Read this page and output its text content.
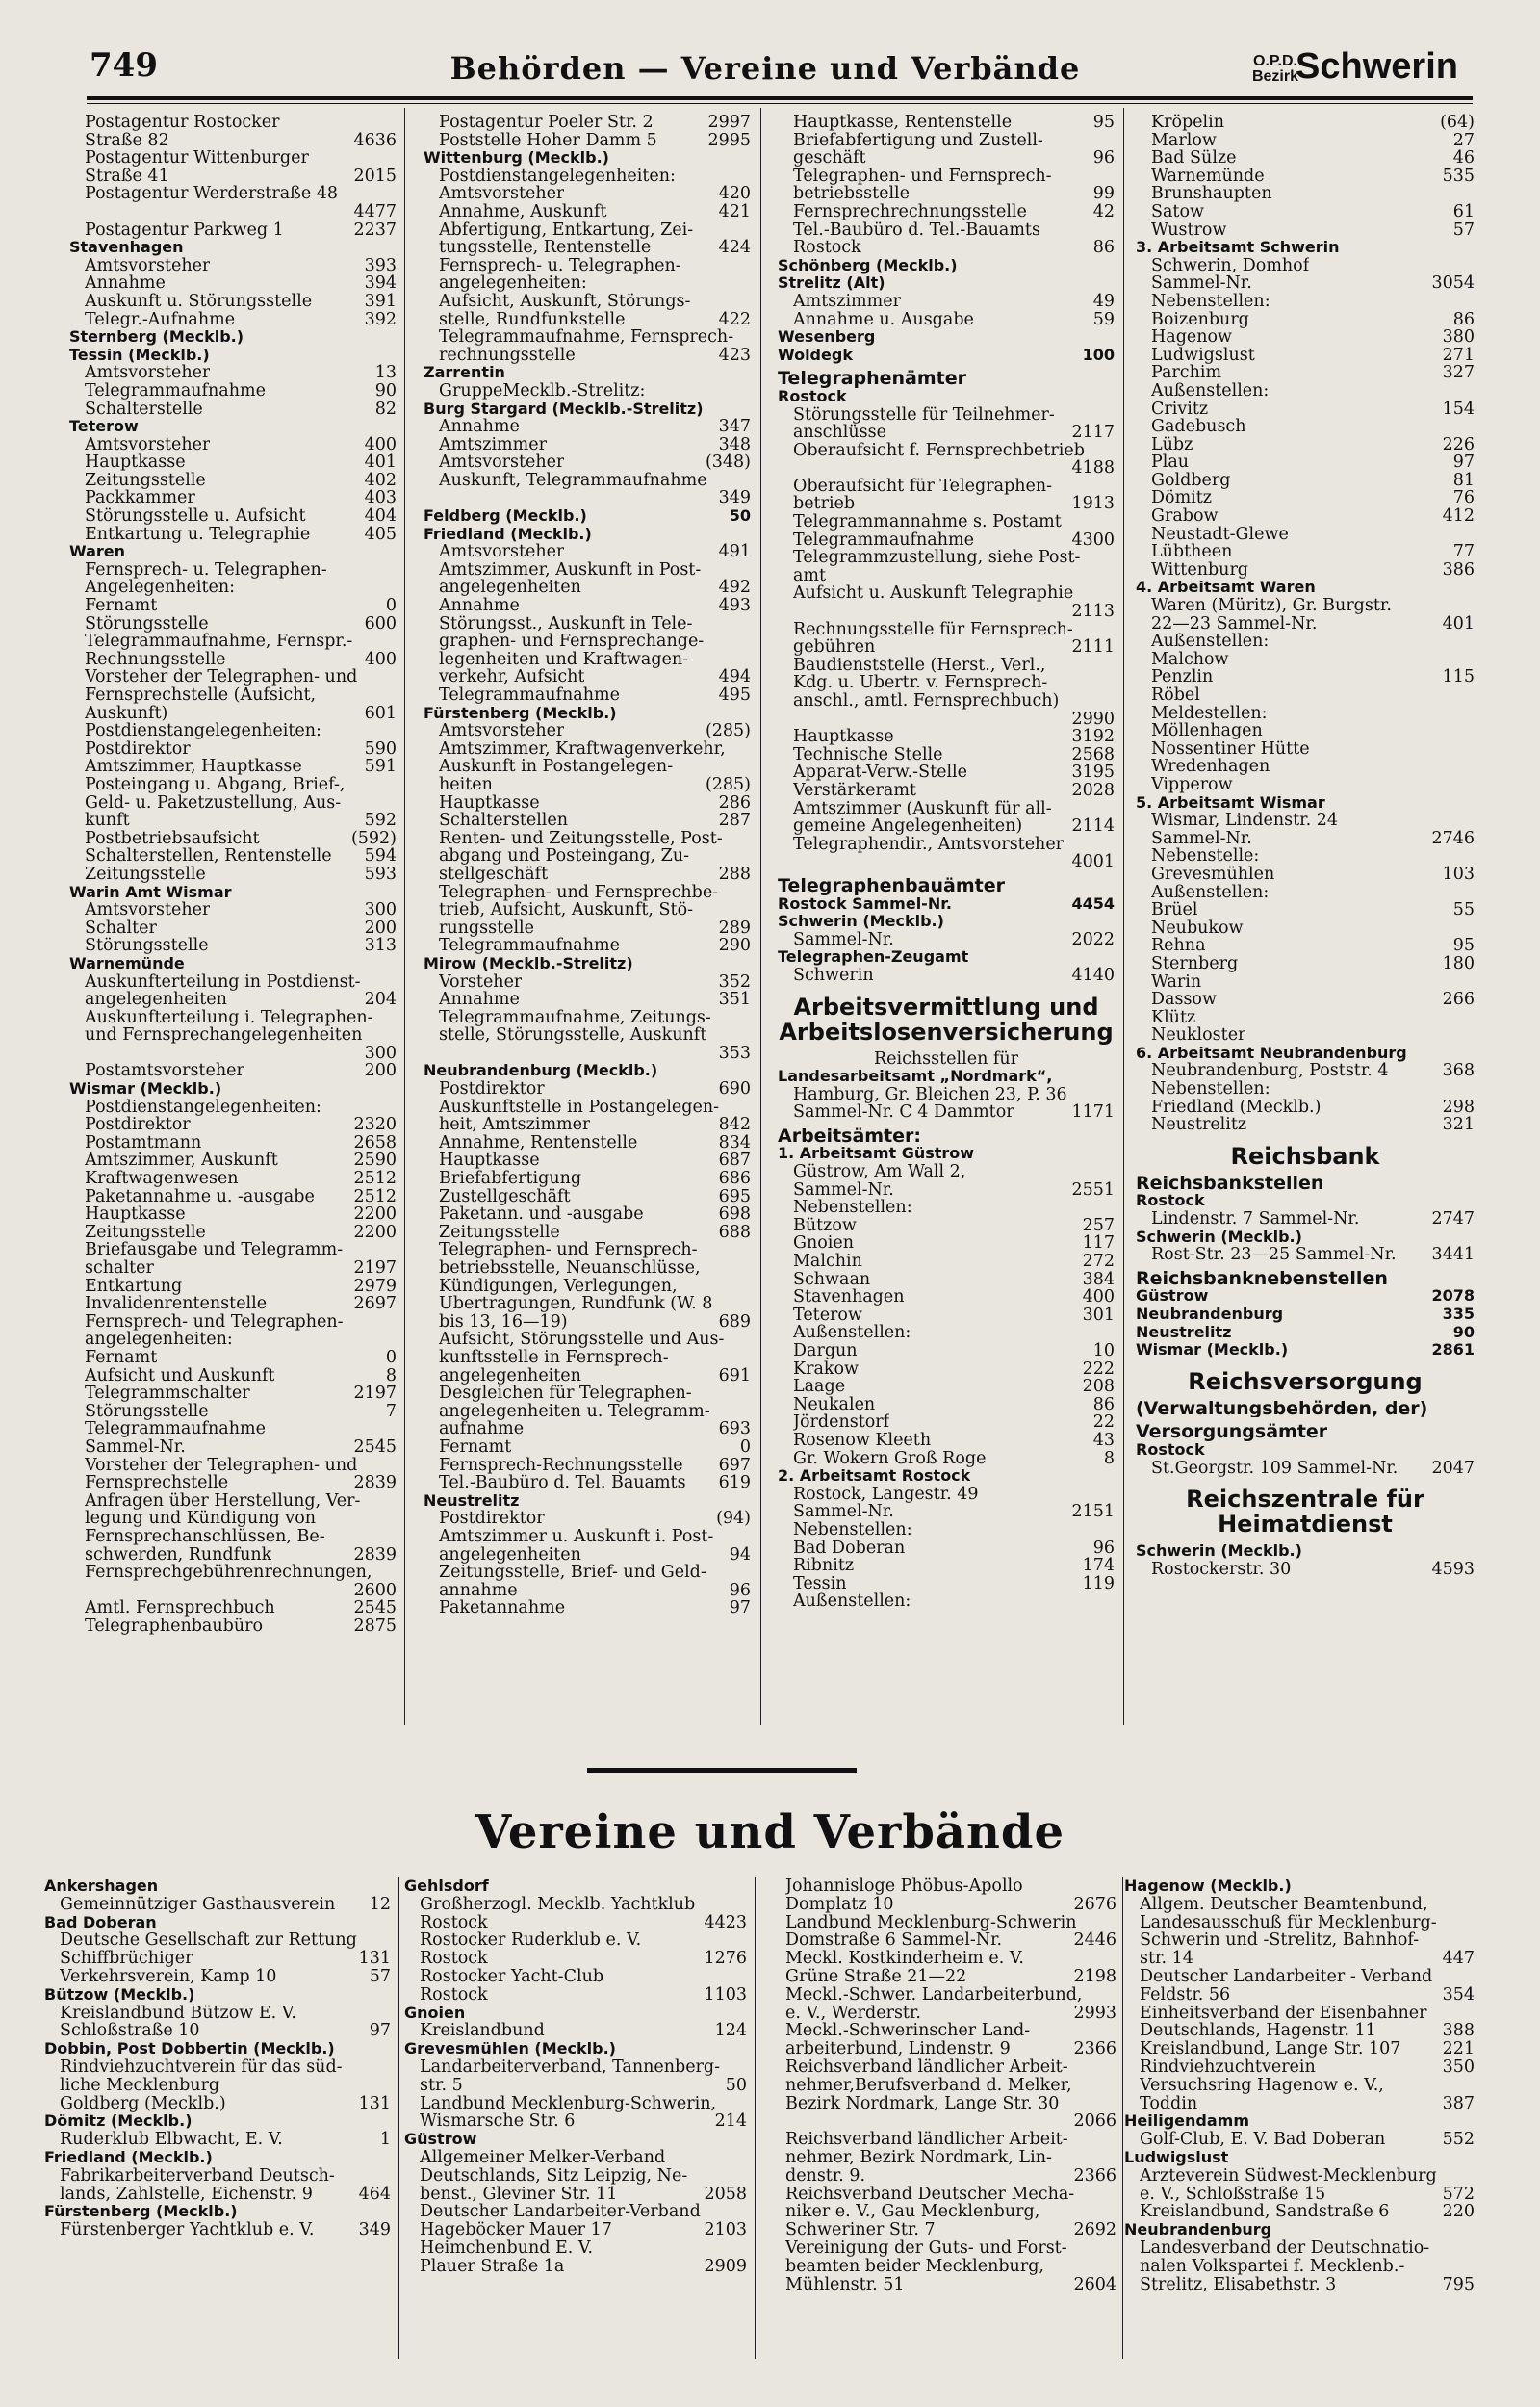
749	Behörden — Vereine und Verbände	O.P.D.
Bezirk
Schwerin
Postagentur Rostocker
Straße 82	4636
Postagentur Wittenburger
Straße 41	2015
Postagentur Werderstraße 48
4477
Postagentur Parkweg 1	2237
Stavenhagen
Amtsvorsteher	393
Annahme	394
Auskunft u. Störungsstelle	391
Telegr.-Aufnahme	392
Sternberg (Mecklb.)
Tessin (Mecklb.)
Amtsvorsteher	13
Telegrammaufnahme	90
Schalterstelle	82
Teterow
Amtsvorsteher	400
Hauptkasse	401
Zeitungsstelle	402
Packkammer	403
Störungsstelle u. Aufsicht	404
Entkartung u. Telegraphie	405
Waren
Fernsprech- u. Telegraphen-
Angelegenheiten:
Fernamt	0
Störungsstelle	600
Telegrammaufnahme, Fernspr.-
Rechnungsstelle	400
Vorsteher der Telegraphen- und
Fernsprechstelle (Aufsicht,
Auskunft)	601
Postdienstangelegenheiten:
Postdirektor	590
Amtszimmer, Hauptkasse	591
Posteingang u. Abgang, Brief-,
Geld- u. Paketzustellung, Aus-
kunft	592
Postbetriebsaufsicht	(592)
Schalterstellen, Rentenstelle	594
Zeitungsstelle	593
Warin Amt Wismar
Amtsvorsteher	300
Schalter	200
Störungsstelle	313
Warnemünde
Auskunfterteilung in Postdienst-
angelegenheiten	204
Auskunfterteilung i. Telegraphen-
und Fernsprechangelegenheiten
300
Postamtsvorsteher	200
Wismar (Mecklb.)
Postdienstangelegenheiten:
Postdirektor	2320
Postamtmann	2658
Amtszimmer, Auskunft	2590
Kraftwagenwesen	2512
Paketannahme u. -ausgabe	2512
Hauptkasse	2200
Zeitungsstelle	2200
Briefausgabe und Telegramm-
schalter	2197
Entkartung	2979
Invalidenrentenstelle	2697
Fernsprech- und Telegraphen-
angelegenheiten:
Fernamt	0
Aufsicht und Auskunft	8
Telegrammschalter	2197
Störungsstelle	7
Telegrammaufnahme
Sammel-Nr.	2545
Vorsteher der Telegraphen- und
Fernsprechstelle	2839
Anfragen über Herstellung, Ver-
legung und Kündigung von
Fernsprechanschlüssen, Be-
schwerden, Rundfunk	2839
Fernsprechgebührenrechnungen,
2600
Amtl. Fernsprechbuch	2545
Telegraphenbaubüro	2875
Postagentur Poeler Str. 2	2997
Poststelle Hoher Damm 5	2995
Wittenburg (Mecklb.)
Postdienstangelegenheiten:
Amtsvorsteher	420
Annahme, Auskunft	421
Abfertigung, Entkartung, Zei-
tungsstelle, Rentenstelle	424
Fernsprech- u. Telegraphen-
angelegenheiten:
Aufsicht, Auskunft, Störungs-
stelle, Rundfunkstelle	422
Telegrammaufnahme, Fernsprech-
rechnungsstelle	423
Zarrentin
GruppeMecklb.-Strelitz:
Burg Stargard (Mecklb.-Strelitz)
Annahme	347
Amtszimmer	348
Amtsvorsteher	(348)
Auskunft, Telegrammaufnahme
349
Feldberg (Mecklb.)	50
Friedland (Mecklb.)
Amtsvorsteher	491
Amtszimmer, Auskunft in Post-
angelegenheiten	492
Annahme	493
Störungsst., Auskunft in Tele-
graphen- und Fernsprechange-
legenheiten und Kraftwagen-
verkehr, Aufsicht	494
Telegrammaufnahme	495
Fürstenberg (Mecklb.)
Amtsvorsteher	(285)
Amtszimmer, Kraftwagenverkehr,
Auskunft in Postangelegen-
heiten	(285)
Hauptkasse	286
Schalterstellen	287
Renten- und Zeitungsstelle, Post-
abgang und Posteingang, Zu-
stellgeschäft	288
Telegraphen- und Fernsprechbe-
trieb, Aufsicht, Auskunft, Stö-
rungsstelle	289
Telegrammaufnahme	290
Mirow (Mecklb.-Strelitz)
Vorsteher	352
Annahme	351
Telegrammaufnahme, Zeitungs-
stelle, Störungsstelle, Auskunft
353
Neubrandenburg (Mecklb.)
Postdirektor	690
Auskunftstelle in Postangelegen-
heit, Amtszimmer	842
Annahme, Rentenstelle	834
Hauptkasse	687
Briefabfertigung	686
Zustellgeschäft	695
Paketann. und -ausgabe	698
Zeitungsstelle	688
Telegraphen- und Fernsprech-
betriebsstelle, Neuanschlüsse,
Kündigungen, Verlegungen,
Übertragungen, Rundfunk (W. 8
bis 13, 16—19)	689
Aufsicht, Störungsstelle und Aus-
kunftsstelle in Fernsprech-
angelegenheiten	691
Desgleichen für Telegraphen-
angelegenheiten u. Telegramm-
aufnahme	693
Fernamt	0
Fernsprech-Rechnungsstelle	697
Tel.-Baubüro d. Tel. Bauamts	619
Neustrelitz
Postdirektor	(94)
Amtszimmer u. Auskunft i. Post-
angelegenheiten	94
Zeitungsstelle, Brief- und Geld-
annahme	96
Paketannahme	97
Hauptkasse, Rentenstelle	95
Briefabfertigung und Zustell-
geschäft	96
Telegraphen- und Fernsprech-
betriebsstelle	99
Fernsprechrechnungsstelle	42
Tel.-Baubüro d. Tel.-Bauamts
Rostock	86
Schönberg (Mecklb.)
Strelitz (Alt)
Amtszimmer	49
Annahme u. Ausgabe	59
Wesenberg
Woldegk	100
Telegraphenämter
Rostock
Störungsstelle für Teilnehmer-
anschlüsse	2117
Oberaufsicht f. Fernsprechbetrieb
4188
Oberaufsicht für Telegraphen-
betrieb	1913
Telegrammannahme s. Postamt
Telegrammaufnahme	4300
Telegrammzustellung, siehe Post-
amt
Aufsicht u. Auskunft Telegraphie
2113
Rechnungsstelle für Fernsprech-
gebühren	2111
Baudienststelle (Herst., Verl.,
Kdg. u. Übertr. v. Fernsprech-
anschl., amtl. Fernsprechbuch)
2990
Hauptkasse	3192
Technische Stelle	2568
Apparat-Verw.-Stelle	3195
Verstärkeramt	2028
Amtszimmer (Auskunft für all-
gemeine Angelegenheiten)	2114
Telegraphendir., Amtsvorsteher
4001
Telegraphenbauämter
Rostock Sammel-Nr.	4454
Schwerin (Mecklb.)
Sammel-Nr.	2022
Telegraphen-Zeugamt
Schwerin	4140
Arbeitsvermittlung und Arbeitslosenversicherung
Reichsstellen für
Landesarbeitsamt „Nordmark“,
Hamburg, Gr. Bleichen 23, P. 36
Sammel-Nr. C 4 Dammtor	1171
Arbeitsämter:
1. Arbeitsamt Güstrow
Güstrow, Am Wall 2,
Sammel-Nr.	2551
Nebenstellen:
Bützow	257
Gnoien	117
Malchin	272
Schwaan	384
Stavenhagen	400
Teterow	301
Außenstellen:
Dargun	10
Krakow	222
Laage	208
Neukalen	86
Jördenstorf	22
Rosenow Kleeth	43
Gr. Wokern Groß Roge	8
2. Arbeitsamt Rostock
Rostock, Langestr. 49
Sammel-Nr.	2151
Nebenstellen:
Bad Doberan	96
Ribnitz	174
Tessin	119
Außenstellen:
Kröpelin	(64)
Marlow	27
Bad Sülze	46
Warnemünde	535
Brunshaupten
Satow	61
Wustrow	57
3. Arbeitsamt Schwerin
Schwerin, Domhof
Sammel-Nr.	3054
Nebenstellen:
Boizenburg	86
Hagenow	380
Ludwigslust	271
Parchim	327
Außenstellen:
Crivitz	154
Gadebusch
Lübz	226
Plau	97
Goldberg	81
Dömitz	76
Grabow	412
Neustadt-Glewe
Lübtheen	77
Wittenburg	386
4. Arbeitsamt Waren
Waren (Müritz), Gr. Burgstr.
22—23 Sammel-Nr.	401
Außenstellen:
Malchow
Penzlin	115
Röbel
Meldestellen:
Möllenhagen
Nossentiner Hütte
Wredenhagen
Vipperow
5. Arbeitsamt Wismar
Wismar, Lindenstr. 24
Sammel-Nr.	2746
Nebenstelle:
Grevesmühlen	103
Außenstellen:
Brüel	55
Neubukow
Rehna	95
Sternberg	180
Warin
Dassow	266
Klütz
Neukloster
6. Arbeitsamt Neubrandenburg
Neubrandenburg, Poststr. 4	368
Nebenstellen:
Friedland (Mecklb.)	298
Neustrelitz	321
Reichsbank
Reichsbankstellen
Rostock
Lindenstr. 7 Sammel-Nr.	2747
Schwerin (Mecklb.)
Rost-Str. 23—25 Sammel-Nr.	3441
Reichsbanknebenstellen
Güstrow	2078
Neubrandenburg	335
Neustrelitz	90
Wismar (Mecklb.)	2861
Reichsversorgung
(Verwaltungsbehörden, der)
Versorgungsämter
Rostock
St.Georgstr. 109 Sammel-Nr.	2047
Reichszentrale für Heimatdienst
Schwerin (Mecklb.)
Rostockerstr. 30	4593
Vereine und Verbände
Ankershagen
Gemeinnütziger Gasthausverein	12
Bad Doberan
Deutsche Gesellschaft zur Rettung
Schiffbrüchiger	131
Verkehrsverein, Kamp 10	57
Bützow (Mecklb.)
Kreislandbund Bützow E. V.
Schloßstraße 10	97
Dobbin, Post Dobbertin (Mecklb.)
Rindviehzuchtverein für das süd-
liche Mecklenburg
Goldberg (Mecklb.)	131
Dömitz (Mecklb.)
Ruderklub Elbwacht, E. V.	1
Friedland (Mecklb.)
Fabrikarbeiterverband Deutsch-
lands, Zahlstelle, Eichenstr. 9	464
Fürstenberg (Mecklb.)
Fürstenberger Yachtklub e. V.	349
Gehlsdorf
Großherzogl. Mecklb. Yachtklub
Rostock	4423
Rostocker Ruderklub e. V.
Rostock	1276
Rostocker Yacht-Club
Rostock	1103
Gnoien
Kreislandbund	124
Grevesmühlen (Mecklb.)
Landarbeiterverband, Tannenberg-
str. 5	50
Landbund Mecklenburg-Schwerin,
Wismarsche Str. 6	214
Güstrow
Allgemeiner Melker-Verband
Deutschlands, Sitz Leipzig, Ne-
benst., Gleviner Str. 11	2058
Deutscher Landarbeiter-Verband
Hageböcker Mauer 17	2103
Heimchenbund E. V.
Plauer Straße 1a	2909
Johannisloge Phöbus-Apollo
Domplatz 10	2676
Landbund Mecklenburg-Schwerin
Domstraße 6 Sammel-Nr.	2446
Meckl. Kostkinderheim e. V.
Grüne Straße 21—22	2198
Meckl.-Schwer. Landarbeiterbund,
e. V., Werderstr.	2993
Meckl.-Schwerinscher Land-
arbeiterbund, Lindenstr. 9	2366
Reichsverband ländlicher Arbeit-
nehmer,Berufsverband d. Melker,
Bezirk Nordmark, Lange Str. 30
2066
Reichsverband ländlicher Arbeit-
nehmer, Bezirk Nordmark, Lin-
denstr. 9.	2366
Reichsverband Deutscher Mecha-
niker e. V., Gau Mecklenburg,
Schweriner Str. 7	2692
Vereinigung der Guts- und Forst-
beamten beider Mecklenburg,
Mühlenstr. 51	2604
Hagenow (Mecklb.)
Allgem. Deutscher Beamtenbund,
Landesausschuß für Mecklenburg-
Schwerin und -Strelitz, Bahnhof-
str. 14	447
Deutscher Landarbeiter - Verband
Feldstr. 56	354
Einheitsverband der Eisenbahner
Deutschlands, Hagenstr. 11	388
Kreislandbund, Lange Str. 107	221
Rindviehzuchtverein	350
Versuchsring Hagenow e. V.,
Toddin	387
Heiligendamm
Golf-Club, E. V. Bad Doberan	552
Ludwigslust
Ärzteverein Südwest-Mecklenburg
e. V., Schloßstraße 15	572
Kreislandbund, Sandstraße 6	220
Neubrandenburg
Landesverband der Deutschnatio-
nalen Volkspartei f. Mecklenb.-
Strelitz, Elisabethstr. 3	795
